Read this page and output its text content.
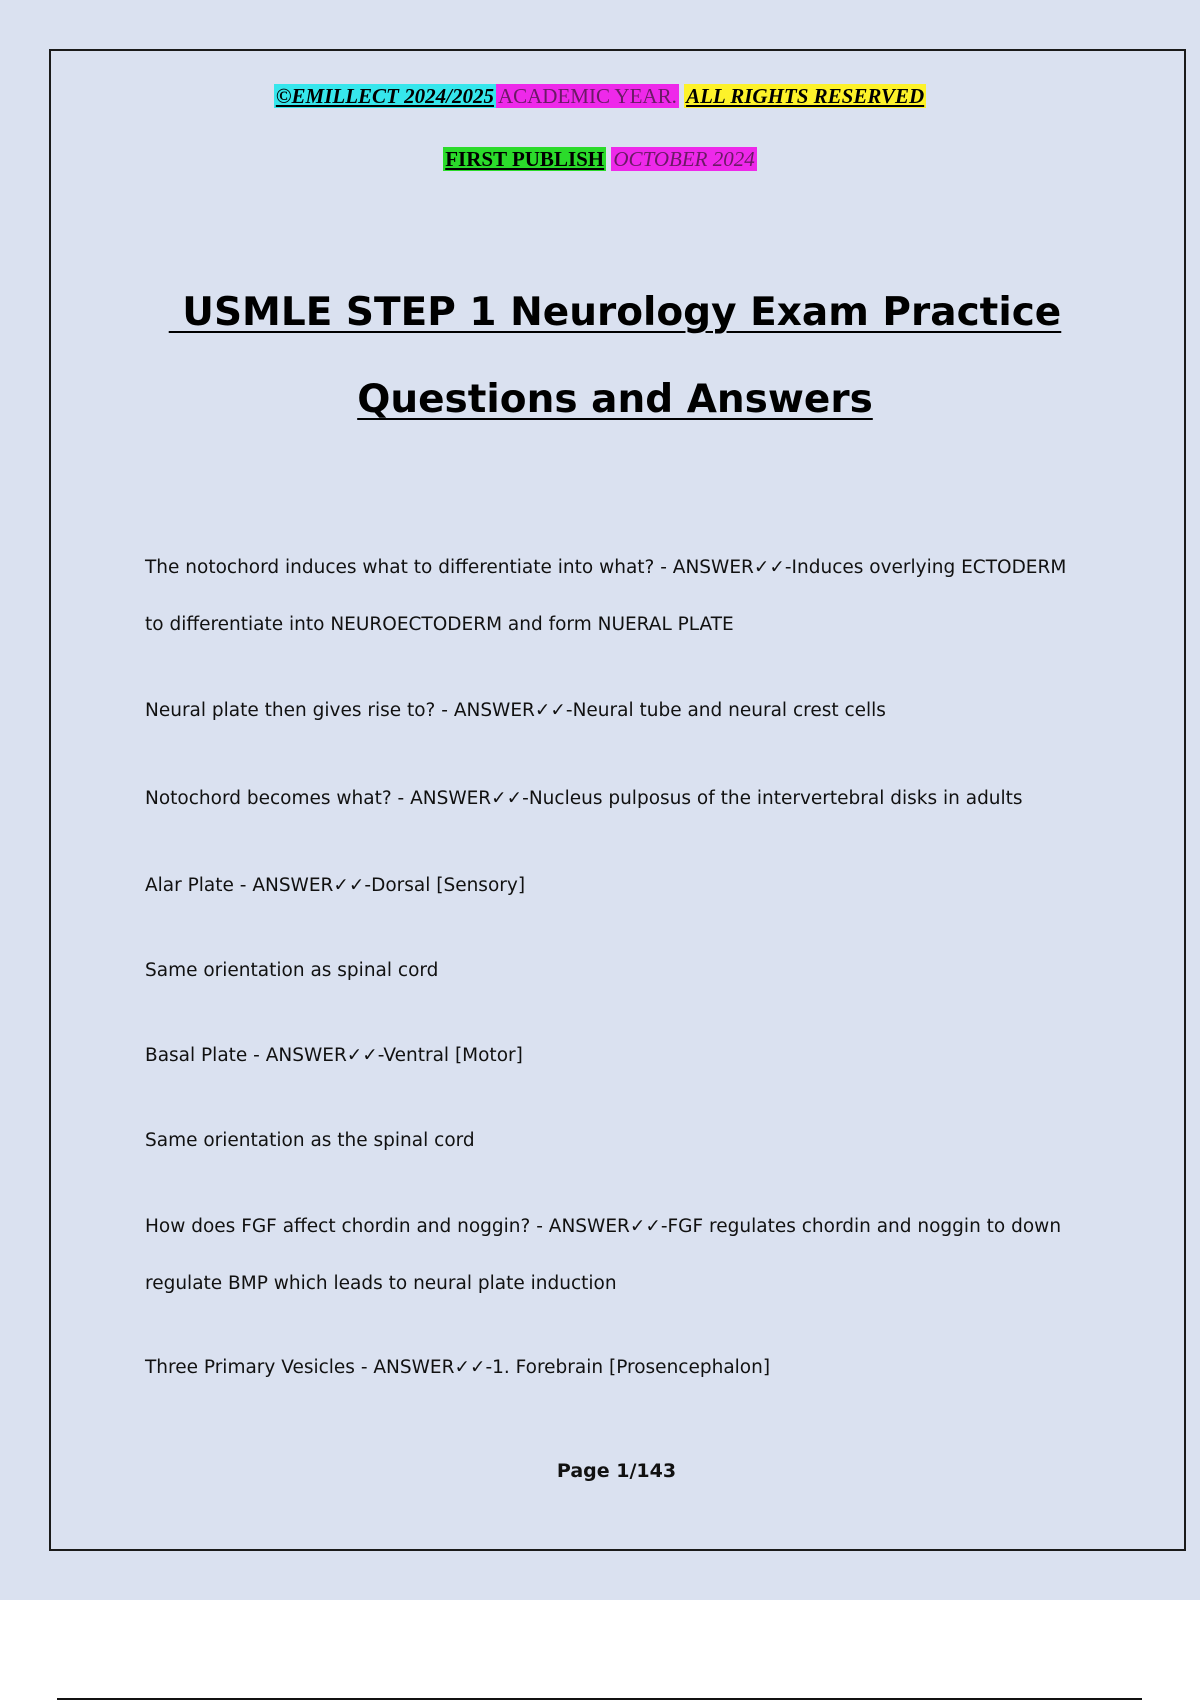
©EMILLECT 2024/2025 ACADEMIC YEAR. ALL RIGHTS RESERVED
FIRST PUBLISH OCTOBER 2024
USMLE STEP 1 Neurology Exam Practice
Questions and Answers
The notochord induces what to differentiate into what? - ANSWER✓✓-Induces overlying ECTODERM to differentiate into NEUROECTODERM and form NUERAL PLATE
Neural plate then gives rise to? - ANSWER✓✓-Neural tube and neural crest cells
Notochord becomes what? - ANSWER✓✓-Nucleus pulposus of the intervertebral disks in adults
Alar Plate - ANSWER✓✓-Dorsal [Sensory]
Same orientation as spinal cord
Basal Plate - ANSWER✓✓-Ventral [Motor]
Same orientation as the spinal cord
How does FGF affect chordin and noggin? - ANSWER✓✓-FGF regulates chordin and noggin to down regulate BMP which leads to neural plate induction
Three Primary Vesicles - ANSWER✓✓-1. Forebrain [Prosencephalon]
Page 1/143
